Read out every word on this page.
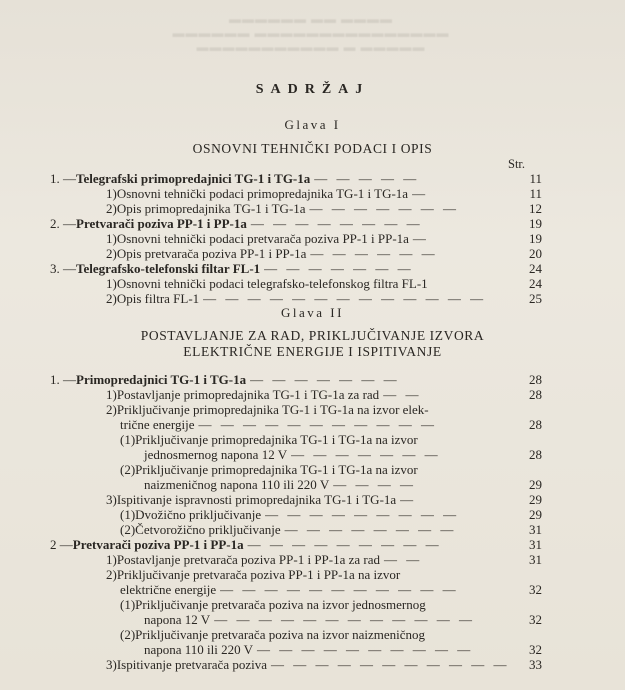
▬▬▬▬ ▬▬ ▬▬▬▬▬▬
▬▬▬▬▬▬▬▬▬▬▬▬▬▬▬ ▬▬▬▬▬▬
▬▬▬▬▬ ▬ ▬▬▬▬▬▬▬▬▬▬▬
SADRŽAJ
Glava I
OSNOVNI TEHNIČKI PODACI I OPIS
Str.
Glava II
POSTAVLJANJE ZA RAD, PRIKLJUČIVANJE IZVORA
ELEKTRIČNE ENERGIJE I ISPITIVANJE
1. — Telegrafski primopredajnici TG-1 i TG-1a — — — — —	11
1) Osnovni tehnički podaci primopredajnika TG-1 i TG-1a —	11
2) Opis primopredajnika TG-1 i TG-1a — — — — — — —	12
2. — Pretvarači poziva PP-1 i PP-1a — — — — — — — —	19
1) Osnovni tehnički podaci pretvarača poziva PP-1 i PP-1a —	19
2) Opis pretvarača poziva PP-1 i PP-1a — — — — — —	20
3. — Telegrafsko-telefonski filtar FL-1 — — — — — — —	24
1) Osnovni tehnički podaci telegrafsko-telefonskog filtra FL-1	24
2) Opis filtra FL-1 — — — — — — — — — — — — —	25
1. — Primopredajnici TG-1 i TG-1a — — — — — — —	28
1) Postavljanje primopredajnika TG-1 i TG-1a za rad — —	28
2) Priključivanje primopredajnika TG-1 i TG-1a na izvor elek-
trične energije — — — — — — — — — — —	28
(1) Priključivanje primopredajnika TG-1 i TG-1a na izvor
jednosmernog napona 12 V — — — — — — —	28
(2) Priključivanje primopredajnika TG-1 i TG-1a na izvor
naizmeničnog napona 110 ili 220 V — — — —	29
3) Ispitivanje ispravnosti primopredajnika TG-1 i TG-1a —	29
(1) Dvožično priključivanje — — — — — — — — —	29
(2) Četvorožično priključivanje — — — — — — — —	31
2 — Pretvarači poziva PP-1 i PP-1a — — — — — — — — —	31
1) Postavljanje pretvarača poziva PP-1 i PP-1a za rad — —	31
2) Priključivanje pretvarača poziva PP-1 i PP-1a na izvor
električne energije — — — — — — — — — — —	32
(1) Priključivanje pretvarača poziva na izvor jednosmernog
napona 12 V — — — — — — — — — — — —	32
(2) Priključivanje pretvarača poziva na izvor naizmeničnog
napona 110 ili 220 V — — — — — — — — — —	32
3) Ispitivanje pretvarača poziva — — — — — — — — — — —	33
